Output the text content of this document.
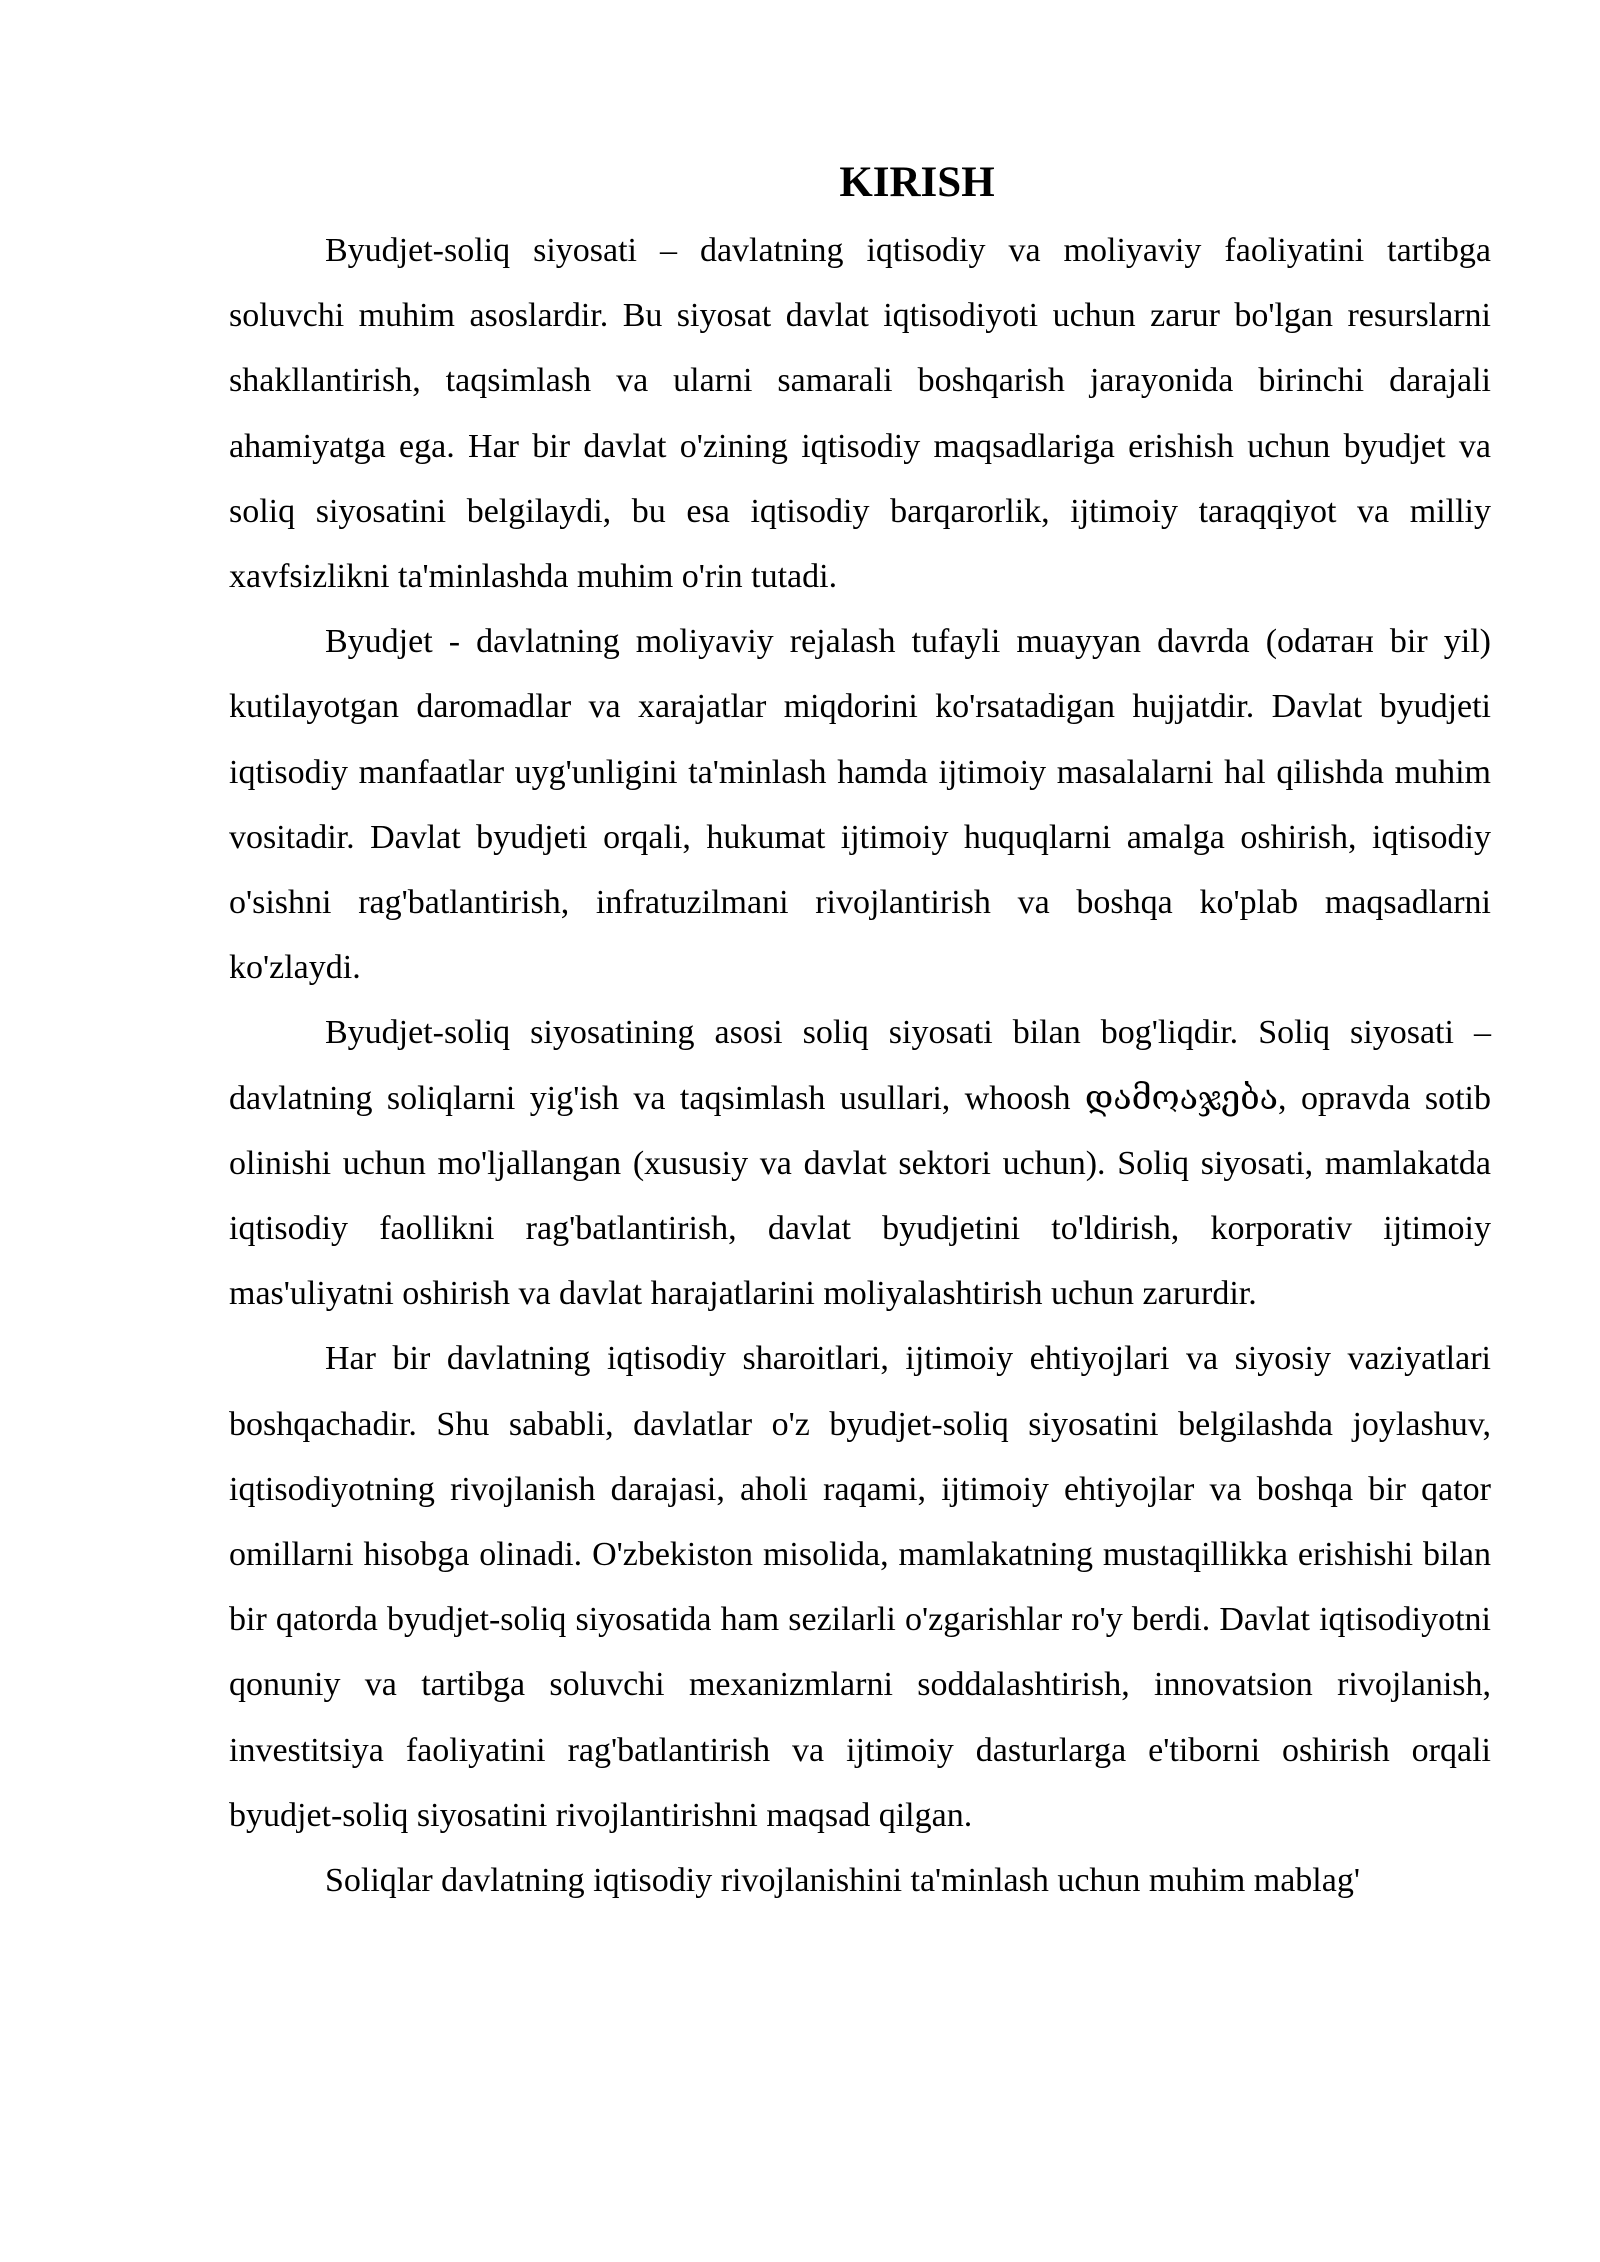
KIRISH

Byudjet-soliq siyosati – davlatning iqtisodiy va moliyaviy faoliyatini tartibga soluvchi muhim asoslardir. Bu siyosat davlat iqtisodiyoti uchun zarur bo'lgan resurslarni shakllantirish, taqsimlash va ularni samarali boshqarish jarayonida birinchi darajali ahamiyatga ega. Har bir davlat o'zining iqtisodiy maqsadlariga erishish uchun byudjet va soliq siyosatini belgilaydi, bu esa iqtisodiy barqarorlik, ijtimoiy taraqqiyot va milliy xavfsizlikni ta'minlashda muhim o'rin tutadi.

Byudjet - davlatning moliyaviy rejalash tufayli muayyan davrda (odатан bir yil) kutilayotgan daromadlar va xarajatlar miqdorini ko'rsatadigan hujjatdir. Davlat byudjeti iqtisodiy manfaatlar uyg'unligini ta'minlash hamda ijtimoiy masalalarni hal qilishda muhim vositadir. Davlat byudjeti orqali, hukumat ijtimoiy huquqlarni amalga oshirish, iqtisodiy o'sishni rag'batlantirish, infratuzilmani rivojlantirish va boshqa ko'plab maqsadlarni ko'zlaydi.

Byudjet-soliq siyosatining asosi soliq siyosati bilan bog'liqdir. Soliq siyosati – davlatning soliqlarni yig'ish va taqsimlash usullari, whoosh დამოაჯება, opravda sotib olinishi uchun mo'ljallangan (xususiy va davlat sektori uchun). Soliq siyosati, mamlakatda iqtisodiy faollikni rag'batlantirish, davlat byudjetini to'ldirish, korporativ ijtimoiy mas'uliyatni oshirish va davlat harajatlarini moliyalashtirish uchun zarurdir.

Har bir davlatning iqtisodiy sharoitlari, ijtimoiy ehtiyojlari va siyosiy vaziyatlari boshqachadir. Shu sababli, davlatlar o'z byudjet-soliq siyosatini belgilashda joylashuv, iqtisodiyotning rivojlanish darajasi, aholi raqami, ijtimoiy ehtiyojlar va boshqa bir qator omillarni hisobga olinadi. O'zbekiston misolida, mamlakatning mustaqillikka erishishi bilan bir qatorda byudjet-soliq siyosatida ham sezilarli o'zgarishlar ro'y berdi. Davlat iqtisodiyotni qonuniy va tartibga soluvchi mexanizmlarni soddalashtirish, innovatsion rivojlanish, investitsiya faoliyatini rag'batlantirish va ijtimoiy dasturlarga e'tiborni oshirish orqali byudjet-soliq siyosatini rivojlantirishni maqsad qilgan.

Soliqlar davlatning iqtisodiy rivojlanishini ta'minlash uchun muhim mablag'
